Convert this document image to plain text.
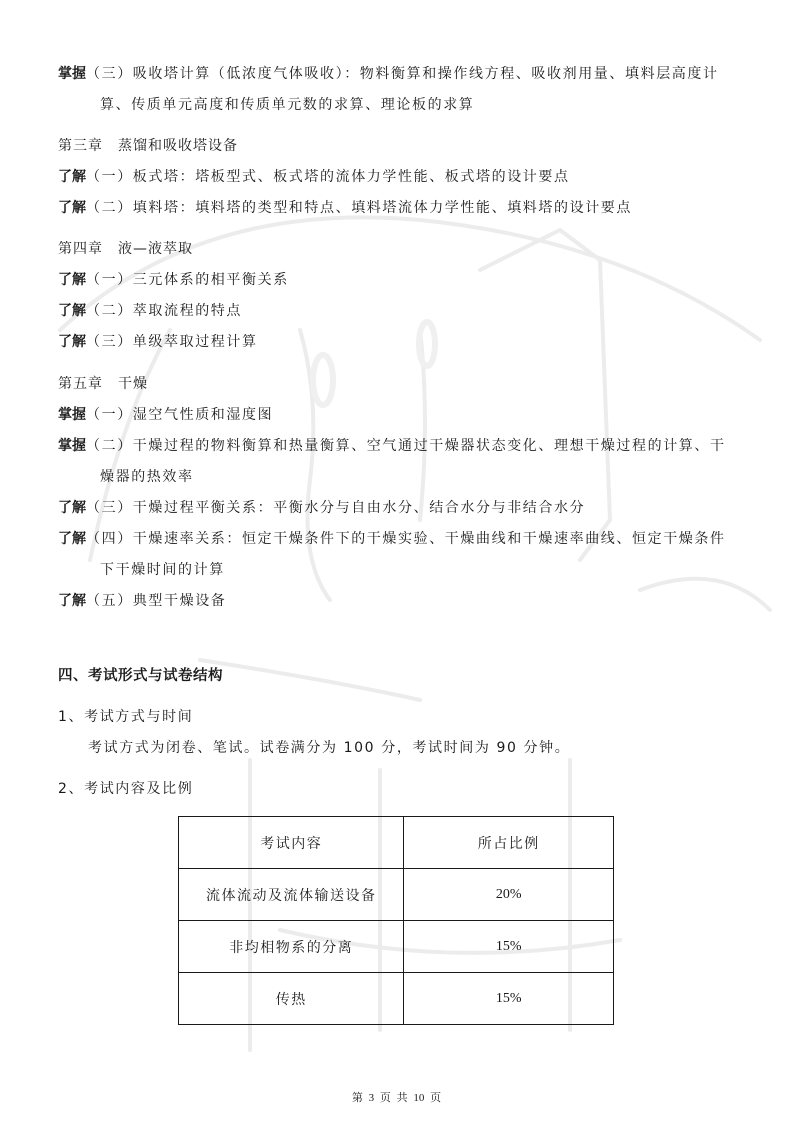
掌握（三）吸收塔计算（低浓度气体吸收）：物料衡算和操作线方程、吸收剂用量、填料层高度计
算、传质单元高度和传质单元数的求算、理论板的求算
第三章　蒸馏和吸收塔设备
了解（一）板式塔：塔板型式、板式塔的流体力学性能、板式塔的设计要点
了解（二）填料塔：填料塔的类型和特点、填料塔流体力学性能、填料塔的设计要点
第四章　液—液萃取
了解（一）三元体系的相平衡关系
了解（二）萃取流程的特点
了解（三）单级萃取过程计算
第五章　干燥
掌握（一）湿空气性质和湿度图
掌握（二）干燥过程的物料衡算和热量衡算、空气通过干燥器状态变化、理想干燥过程的计算、干
燥器的热效率
了解（三）干燥过程平衡关系：平衡水分与自由水分、结合水分与非结合水分
了解（四）干燥速率关系：恒定干燥条件下的干燥实验、干燥曲线和干燥速率曲线、恒定干燥条件
下干燥时间的计算
了解（五）典型干燥设备
四、考试形式与试卷结构
1、考试方式与时间
考试方式为闭卷、笔试。试卷满分为 100 分，考试时间为 90 分钟。
2、考试内容及比例
考试内容	所占比例
流体流动及流体输送设备	20%
非均相物系的分离	15%
传热	15%
第 3 页 共 10 页
